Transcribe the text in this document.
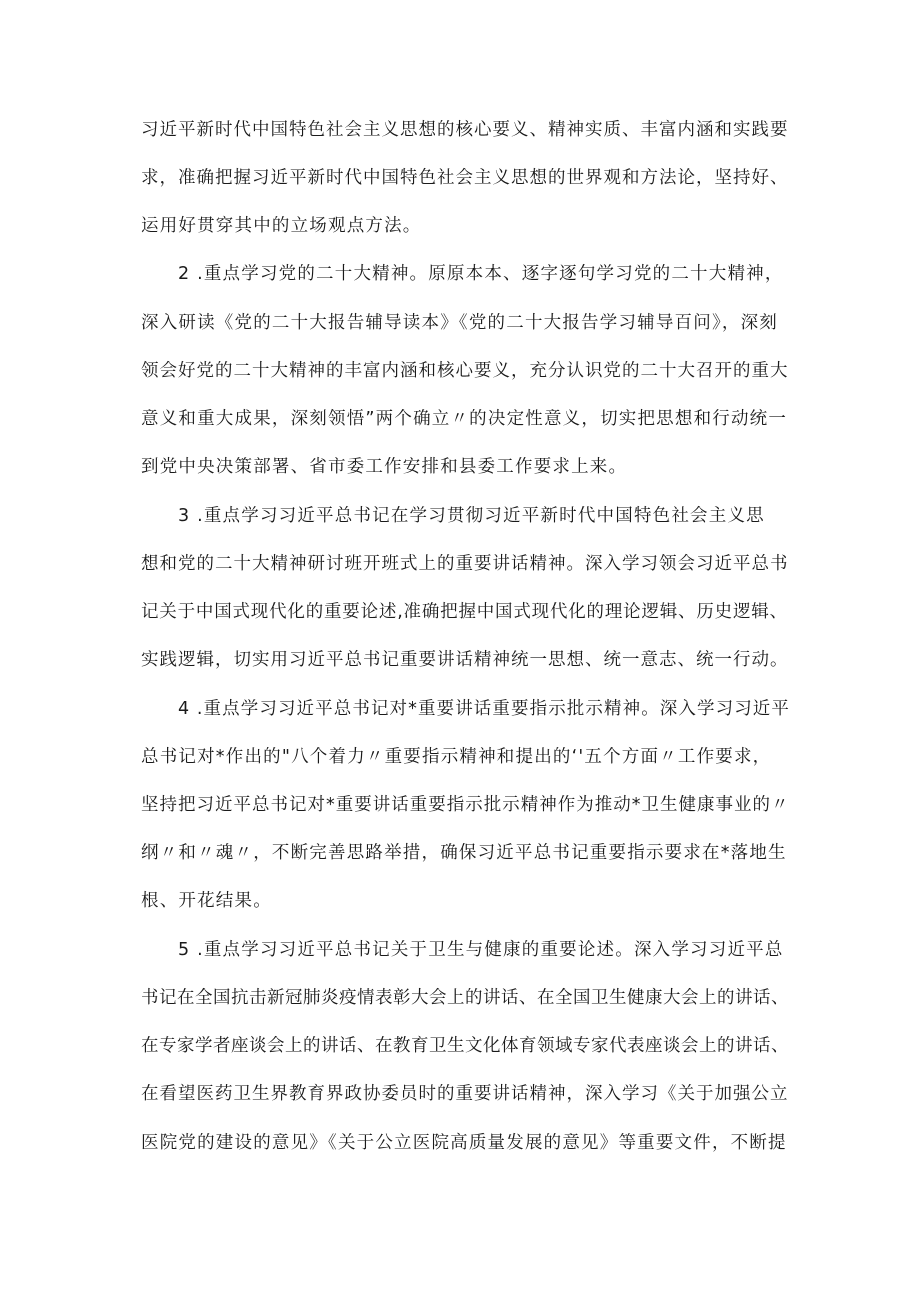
习近平新时代中国特色社会主义思想的核心要义、精神实质、丰富内涵和实践要
求，准确把握习近平新时代中国特色社会主义思想的世界观和方法论，坚持好、
运用好贯穿其中的立场观点方法。
2 .重点学习党的二十大精神。原原本本、逐字逐句学习党的二十大精神，
深入研读《党的二十大报告辅导读本》《党的二十大报告学习辅导百问》，深刻
领会好党的二十大精神的丰富内涵和核心要义，充分认识党的二十大召开的重大
意义和重大成果，深刻领悟”两个确立〃的决定性意义，切实把思想和行动统一
到党中央决策部署、省市委工作安排和县委工作要求上来。
3 .重点学习习近平总书记在学习贯彻习近平新时代中国特色社会主义思
想和党的二十大精神研讨班开班式上的重要讲话精神。深入学习领会习近平总书
记关于中国式现代化的重要论述,准确把握中国式现代化的理论逻辑、历史逻辑、
实践逻辑，切实用习近平总书记重要讲话精神统一思想、统一意志、统一行动。
4 .重点学习习近平总书记对*重要讲话重要指示批示精神。深入学习习近平
总书记对*作出的"八个着力〃重要指示精神和提出的‘'五个方面〃工作要求，
坚持把习近平总书记对*重要讲话重要指示批示精神作为推动*卫生健康事业的〃
纲〃和〃魂〃，不断完善思路举措，确保习近平总书记重要指示要求在*落地生
根、开花结果。
5 .重点学习习近平总书记关于卫生与健康的重要论述。深入学习习近平总
书记在全国抗击新冠肺炎疫情表彰大会上的讲话、在全国卫生健康大会上的讲话、
在专家学者座谈会上的讲话、在教育卫生文化体育领域专家代表座谈会上的讲话、
在看望医药卫生界教育界政协委员时的重要讲话精神，深入学习《关于加强公立
医院党的建设的意见》《关于公立医院高质量发展的意见》等重要文件，不断提
